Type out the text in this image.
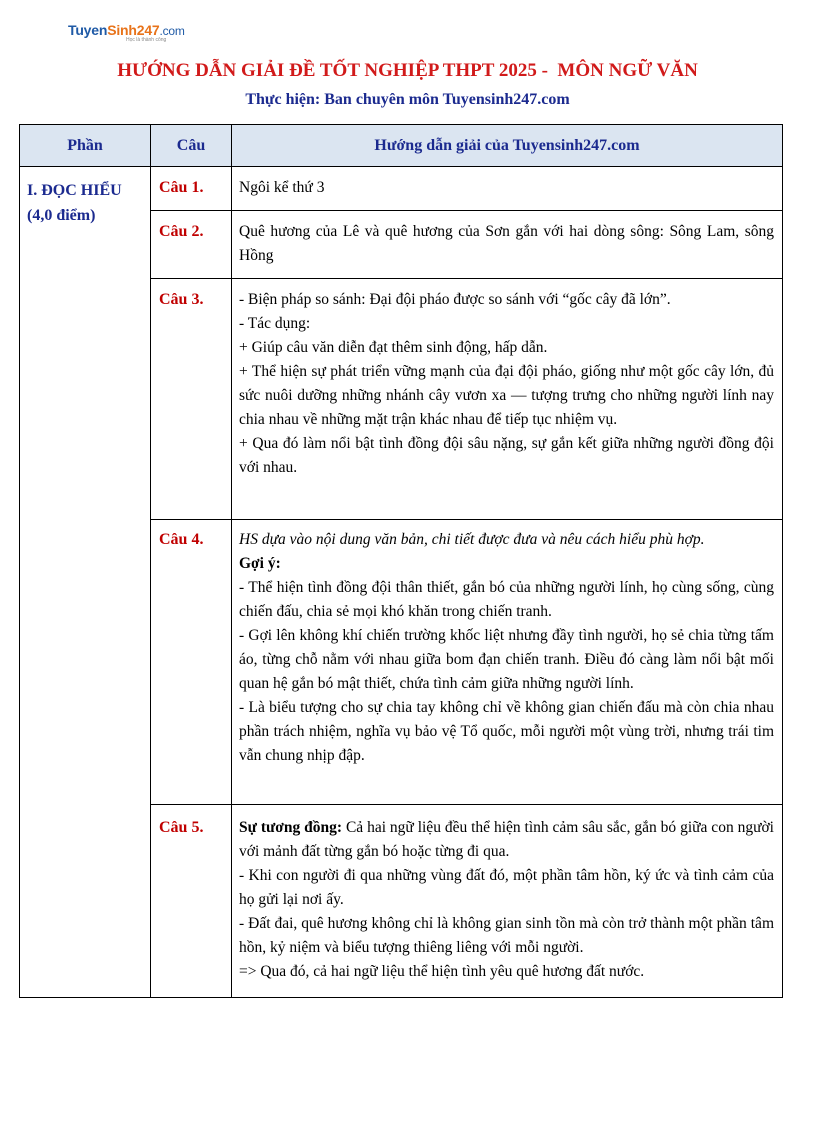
TuyenSinh247.com
Học là thành công
HƯỚNG DẪN GIẢI ĐỀ TỐT NGHIỆP THPT 2025 -  MÔN NGỮ VĂN
Thực hiện: Ban chuyên môn Tuyensinh247.com
Phần	Câu	Hướng dẫn giải của Tuyensinh247.com
I. ĐỌC HIỂU
(4,0 điểm)
Câu 1.	Ngôi kể thứ 3
Câu 2.	Quê hương của Lê và quê hương của Sơn gắn với hai dòng sông: Sông Lam, sông Hồng
Câu 3.	- Biện pháp so sánh: Đại đội pháo được so sánh với “gốc cây đã lớn”.
- Tác dụng:
+ Giúp câu văn diễn đạt thêm sinh động, hấp dẫn.
+ Thể hiện sự phát triển vững mạnh của đại đội pháo, giống như một gốc cây lớn, đủ sức nuôi dưỡng những nhánh cây vươn xa — tượng trưng cho những người lính nay chia nhau về những mặt trận khác nhau để tiếp tục nhiệm vụ.
+ Qua đó làm nổi bật tình đồng đội sâu nặng, sự gắn kết giữa những người đồng đội với nhau.
Câu 4.	HS dựa vào nội dung văn bản, chi tiết được đưa và nêu cách hiểu phù hợp.
Gợi ý:
- Thể hiện tình đồng đội thân thiết, gắn bó của những người lính, họ cùng sống, cùng chiến đấu, chia sẻ mọi khó khăn trong chiến tranh.
- Gợi lên không khí chiến trường khốc liệt nhưng đầy tình người, họ sẻ chia từng tấm áo, từng chỗ nằm với nhau giữa bom đạn chiến tranh. Điều đó càng làm nổi bật mối quan hệ gắn bó mật thiết, chứa tình cảm giữa những người lính.
- Là biểu tượng cho sự chia tay không chỉ về không gian chiến đấu mà còn chia nhau phần trách nhiệm, nghĩa vụ bảo vệ Tổ quốc, mỗi người một vùng trời, nhưng trái tim vẫn chung nhịp đập.
Câu 5.	Sự tương đồng: Cả hai ngữ liệu đều thể hiện tình cảm sâu sắc, gắn bó giữa con người với mảnh đất từng gắn bó hoặc từng đi qua.
- Khi con người đi qua những vùng đất đó, một phần tâm hồn, ký ức và tình cảm của họ gửi lại nơi ấy.
- Đất đai, quê hương không chỉ là không gian sinh tồn mà còn trở thành một phần tâm hồn, kỷ niệm và biểu tượng thiêng liêng với mỗi người.
=> Qua đó, cả hai ngữ liệu thể hiện tình yêu quê hương đất nước.
